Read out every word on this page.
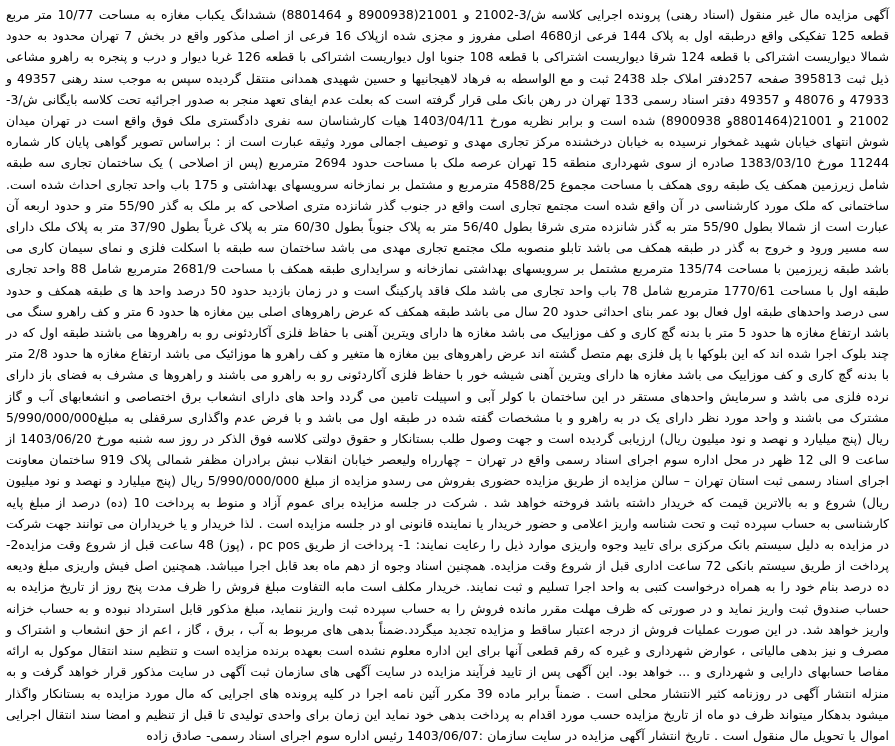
آگهی مزایده مال غیر منقول (اسناد رهنی) پرونده اجرایی کلاسه ش/3-21002 و 21001(8900938 و 8801464) ششدانگ یکباب مغازه به مساحت 10/77 متر مربع قطعه 125 تفکیکی واقع درطبقه اول به پلاک 144 فرعی از4680 اصلی مفروز و مجزی شده ازپلاک 16 فرعی از اصلی مذکور واقع در بخش 7 تهران محدود به حدود شمالا دیواریست اشتراکی با قطعه 124 شرقا دیواریست اشتراکی با قطعه 108 جنوبا اول دیواریست اشتراکی با قطعه 126 غربا دیوار و درب و پنجره به راهرو مشاعی ذیل ثبت 395813 صفحه 257دفتر املاک جلد 2438 ثبت و مع الواسطه به فرهاد لاهیجانیها و حسین شهیدی همدانی منتقل گردیده سپس به موجب سند رهنی 49357 و 47933 و 48076 و 49357 دفتر اسناد رسمی 133 تهران در رهن بانک ملی قرار گرفته است که بعلت عدم ایفای تعهد منجر به صدور اجرائیه تحت کلاسه بایگانی ش/3-21002 و 21001(8801464و 8900938) شده است و برابر نظریه مورخ 1403/04/11 هیات کارشناسان سه نفری دادگستری ملک فوق واقع است در تهران میدان شوش انتهای خیابان شهید غمخوار نرسیده به خیابان درخشنده مرکز تجاری مهدی و توصیف اجمالی مورد وثیقه عبارت است از : براساس تصویر گواهی پایان کار شماره 11244 مورخ 1383/03/10 صادره از سوی شهرداری منطقه 15 تهران عرصه ملک با مساحت حدود 2694 مترمربع (پس از اصلاحی ) یک ساختمان تجاری سه طبقه شامل زیرزمین همکف یک طبقه روی همکف با مساحت مجموع 4588/25 مترمربع و مشتمل بر نمازخانه سرویسهای بهداشتی و 175 باب واحد تجاری احداث شده است. ساختمانی که ملک مورد کارشناسی در آن واقع شده است مجتمع تجاری است واقع در جنوب گذر شانزده متری اصلاحی که بر ملک به گذر 55/90 متر و حدود اربعه آن عبارت است از شمالا بطول 55/90 متر به گذر شانزده متری شرقا بطول 56/40 متر به پلاک جنوباً بطول 60/30 متر به پلاک غرباً بطول 37/90 متر به پلاک ملک دارای سه مسیر ورود و خروج به گذر در طبقه همکف می باشد تابلو منصوبه ملک مجتمع تجاری مهدی می باشد ساختمان سه طبقه با اسکلت فلزی و نمای سیمان کاری می باشد طبقه زیرزمین با مساحت 135/74 مترمربع مشتمل بر سرویسهای بهداشتی نمازخانه و سرایداری طبقه همکف با مساحت 2681/9 مترمربع شامل 88 واحد تجاری طبقه اول با مساحت 1770/61 مترمربع شامل 78 باب واحد تجاری می باشد ملک فاقد پارکینگ است و در زمان بازدید حدود 50 درصد واحد ها ی طبقه همکف و حدود سی درصد واحدهای طبقه اول فعال بود عمر بنای احداثی حدود 20 سال می باشد طبقه همکف که عرض راهروهای اصلی بین مغازه ها حدود 6 متر و کف راهرو سنگ می باشد ارتفاع مغازه ها حدود 5 متر با بدنه گچ کاری و کف موزاییک می باشد مغازه ها دارای ویترین آهنی با حفاظ فلزی آکاردئونی رو به راهروها می باشند طبقه اول که در چند بلوک اجرا شده اند که این بلوکها با پل فلزی بهم متصل گشته اند عرض راهروهای بین مغازه ها متغیر و کف راهرو ها موزائیک می باشد ارتفاع مغازه ها حدود 2/8 متر با بدنه گچ کاری و کف موزاییک می باشد مغازه ها دارای ویترین آهنی شیشه خور با حفاظ فلزی آکاردئونی رو به راهرو می باشند و راهروها ی مشرف به فضای باز دارای نرده فلزی می باشد و سرمایش واحدهای مستقر در این ساختمان با کولر آبی و اسپیلت تامین می گردد واحد های دارای انشعاب برق اختصاصی و انشعابهای آب و گاز مشترک می باشند و واحد مورد نظر دارای یک در به راهرو و با مشخصات گفته شده در طبقه اول می باشد و با فرض عدم واگذاری سرقفلی به مبلغ5/990/000/000 ریال (پنج میلیارد و نهصد و نود میلیون ریال) ارزیابی گردیده است و جهت وصول طلب بستانکار و حقوق دولتی کلاسه فوق الذکر در روز سه شنبه مورخ 1403/06/20 از ساعت 9 الی 12 ظهر در محل اداره سوم اجرای اسناد رسمی واقع در تهران – چهارراه ولیعصر خیابان انقلاب نبش برادران مظفر شمالی پلاک 919 ساختمان معاونت اجرای اسناد رسمی ثبت استان تهران – سالن مزایده از طریق مزایده حضوری بفروش می رسدو مزایده از مبلغ 5/990/000/000 ریال (پنج میلیارد و نهصد و نود میلیون ریال) شروع و به بالاترین قیمت که خریدار داشته باشد فروخته خواهد شد . شرکت در جلسه مزایده برای عموم آزاد و منوط به پرداخت 10 (ده) درصد از مبلغ پایه کارشناسی به حساب سپرده ثبت و تحت شناسه واریز اعلامی و حضور خریدار یا نماینده قانونی او در جلسه مزایده است . لذا خریدار و یا خریداران می توانند جهت شرکت در مزایده به دلیل سیستم بانک مرکزی برای تایید وجوه واریزی موارد ذیل را رعایت نمایند: 1- پرداخت از طریق pc pos ، (پوز) 48 ساعت قبل از شروع وقت مزایده2- پرداخت از طریق سیستم بانکی 72 ساعت اداری قبل از شروع وقت مزایده. همچنین اسناد وجوه از دهم ماه بعد قابل اجرا میباشد. همچنین اصل فیش واریزی مبلغ ودیعه ده درصد بنام خود را به همراه درخواست کتبی به واحد اجرا تسلیم و ثبت نمایند. خریدار مکلف است مابه التفاوت مبلغ فروش را ظرف مدت پنج روز از تاریخ مزایده به حساب صندوق ثبت واریز نماید و در صورتی که ظرف مهلت مقرر مانده فروش را به حساب سپرده ثبت واریز ننماید، مبلغ مذکور قابل استرداد نبوده و به حساب خزانه واریز خواهد شد. در این صورت عملیات فروش از درجه اعتبار ساقط و مزایده تجدید میگردد.ضمناً بدهی های مربوط به آب ، برق ، گاز ، اعم از حق انشعاب و اشتراک و مصرف و نیز بدهی مالیاتی ، عوارض شهرداری و غیره که رقم قطعی آنها برای این اداره معلوم نشده است بعهده برنده مزایده است و تنظیم سند انتقال موکول به ارائه مفاصا حسابهای دارایی و شهرداری و ... خواهد بود. این آگهی پس از تایید فرآیند مزایده در سایت آگهی های سازمان ثبت آگهی در سایت مذکور قرار خواهد گرفت و به منزله انتشار آگهی در روزنامه کثیر الانتشار محلی است . ضمناً برابر ماده 39 مکرر آئین نامه اجرا در کلیه پرونده های اجرایی که مال مورد مزایده به بستانکار واگذار میشود بدهکار میتواند ظرف دو ماه از تاریخ مزایده حسب مورد اقدام به پرداخت بدهی خود نماید این زمان برای واحدی تولیدی تا قبل از تنظیم و امضا سند انتقال اجرایی اموال یا تحویل مال منقول است . تاریخ انتشار آگهی مزایده در سایت سازمان :1403/06/07 رئیس اداره سوم اجرای اسناد رسمی- صادق زاده
